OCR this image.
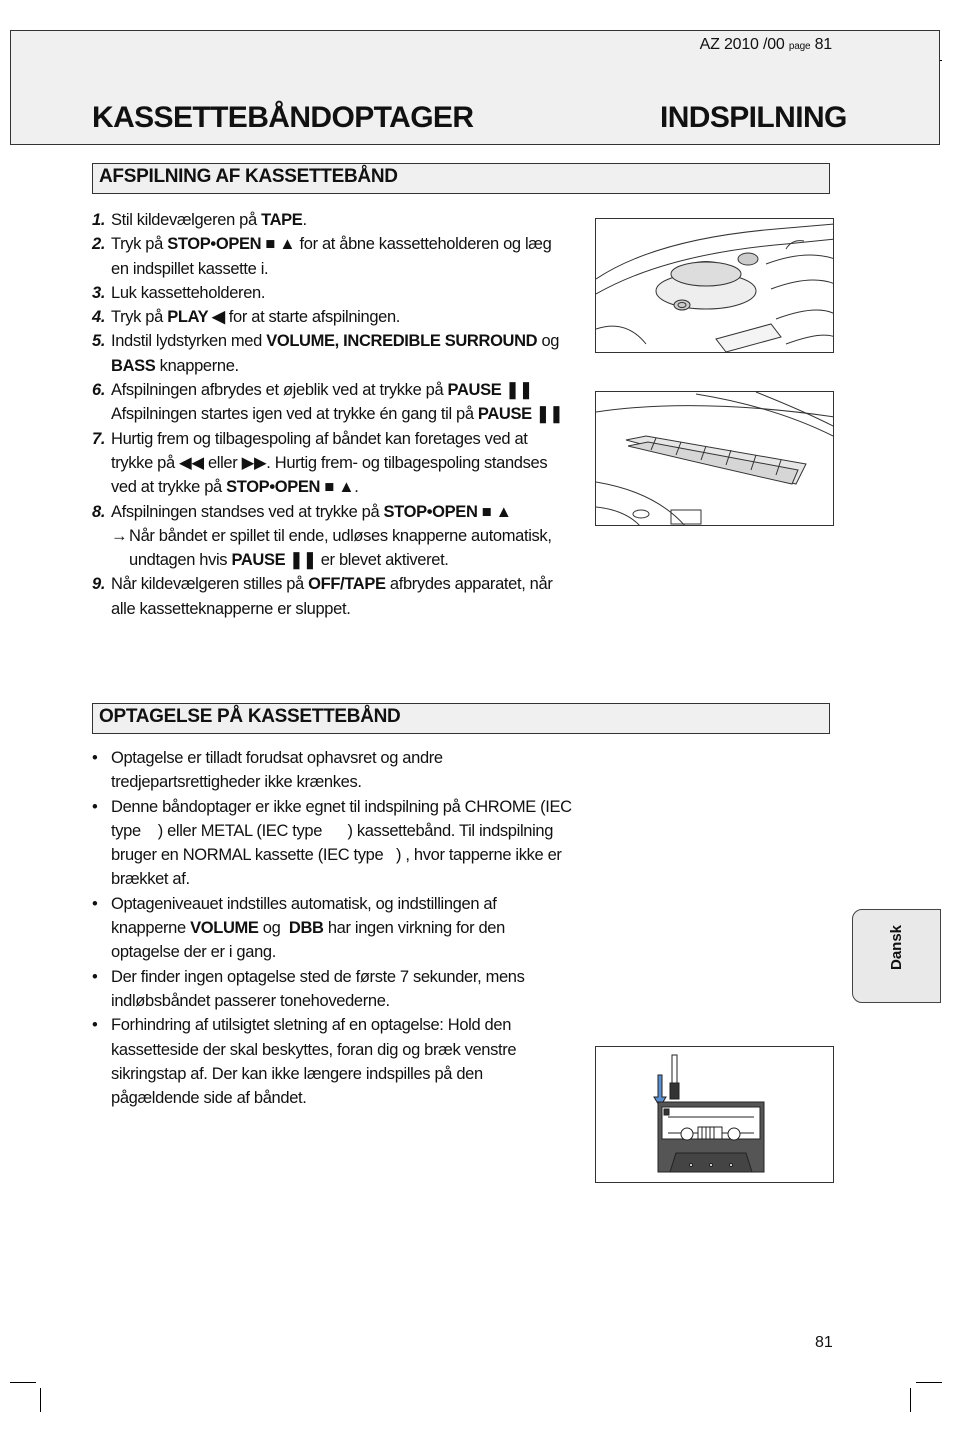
AZ 2010 /00 page 81
KASSETTEBÅNDOPTAGER	INDSPILNING
AFSPILNING AF KASSETTEBÅND
1. Stil kildevælgeren på TAPE.
2. Tryk på STOP•OPEN ■ ▲ for at åbne kassetteholderen og læg en indspillet kassette i.
3. Luk kassetteholderen.
4. Tryk på PLAY ◀ for at starte afspilningen.
5. Indstil lydstyrken med VOLUME, INCREDIBLE SURROUND og BASS knapperne.
6. Afspilningen afbrydes et øjeblik ved at trykke på PAUSE ❚❚ Afspilningen startes igen ved at trykke én gang til på PAUSE ❚❚
7. Hurtig frem og tilbagespoling af båndet kan foretages ved at trykke på ◀◀ eller ▶▶. Hurtig frem- og tilbagespoling standses ved at trykke på STOP•OPEN ■ ▲.
8. Afspilningen standses ved at trykke på STOP•OPEN ■ ▲
→ Når båndet er spillet til ende, udløses knapperne automatisk, undtagen hvis PAUSE ❚❚ er blevet aktiveret.
9. Når kildevælgeren stilles på OFF/TAPE afbrydes apparatet, når alle kassetteknapperne er sluppet.
OPTAGELSE PÅ KASSETTEBÅND
• Optagelse er tilladt forudsat ophavsret og andre tredjepartsrettigheder ikke krænkes.
• Denne båndoptager er ikke egnet til indspilning på CHROME (IEC type    ) eller METAL (IEC type      ) kassettebånd. Til indspilning bruger en NORMAL kassette (IEC type   ) , hvor tapperne ikke er brækket af.
• Optageniveauet indstilles automatisk, og indstillingen af knapperne VOLUME og  DBB har ingen virkning for den optagelse der er i gang.
• Der finder ingen optagelse sted de første 7 sekunder, mens indløbsbåndet passerer tonehovederne.
• Forhindring af utilsigtet sletning af en optagelse: Hold den kassetteside der skal beskyttes, foran dig og bræk venstre sikringstap af. Der kan ikke længere indspilles på den pågældende side af båndet.
Dansk
81
